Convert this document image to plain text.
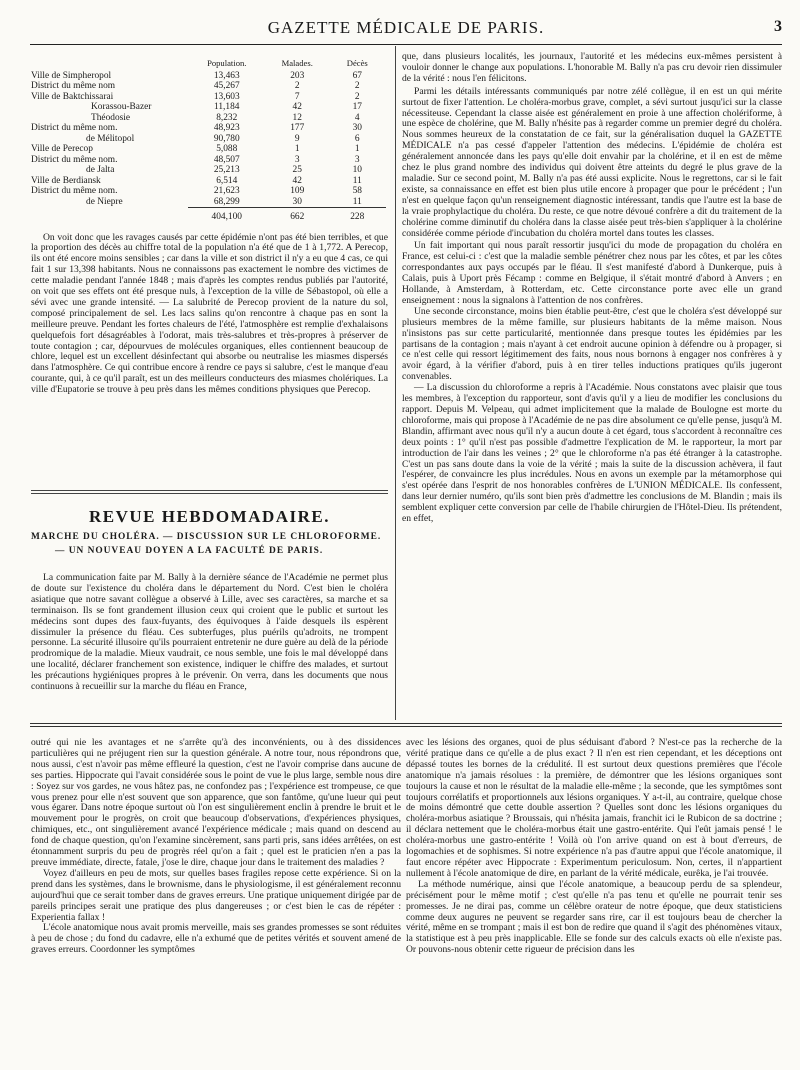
GAZETTE MÉDICALE DE PARIS.	3
	Population.	Malades.	Décès
Ville de Simpheropol	13,463	203	67
District du même nom	45,267	2	2
Ville de Baktchissarai	13,603	7	2
Korassou-Bazer	11,184	42	17
Théodosie	8,232	12	4
District du même nom.	48,923	177	30
de Mélitopol	90,780	9	6
Ville de Perecop	5,088	1	1
District du même nom.	48,507	3	3
de Jalta	25,213	25	10
Ville de Berdiansk	6,514	42	11
District du même nom.	21,623	109	58
de Niepre	68,299	30	11
	404,100	662	228

On voit donc que les ravages causés par cette épidémie n'ont pas été bien terribles, et que la proportion des décès au chiffre total de la population n'a été que de 1 à 1,772. A Perecop, ils ont été encore moins sensibles ; car dans la ville et son district il n'y a eu que 4 cas, ce qui fait 1 sur 13,398 habitants. Nous ne connaissons pas exactement le nombre des victimes de cette maladie pendant l'année 1848 ; mais d'après les comptes rendus publiés par l'autorité, on voit que ses effets ont été presque nuls, à l'exception de la ville de Sébastopol, où elle a sévi avec une grande intensité. — La salubrité de Perecop provient de la nature du sol, composé principalement de sel. Les lacs salins qu'on rencontre à chaque pas en sont la meilleure preuve. Pendant les fortes chaleurs de l'été, l'atmosphère est remplie d'exhalaisons quelquefois fort désagréables à l'odorat, mais très-salubres et très-propres à préserver de toute contagion ; car, dépourvues de molécules organiques, elles contiennent beaucoup de chlore, lequel est un excellent désinfectant qui absorbe ou neutralise les miasmes dispersés dans l'atmosphère. Ce qui contribue encore à rendre ce pays si salubre, c'est le manque d'eau courante, qui, à ce qu'il paraît, est un des meilleurs conducteurs des miasmes cholériques. La ville d'Eupatorie se trouve à peu près dans les mêmes conditions physiques que Perecop.

REVUE HEBDOMADAIRE.
MARCHE DU CHOLÉRA. — DISCUSSION SUR LE CHLOROFORME.
— UN NOUVEAU DOYEN A LA FACULTÉ DE PARIS.

La communication faite par M. Bally à la dernière séance de l'Académie ne permet plus de doute sur l'existence du choléra dans le département du Nord. C'est bien le choléra asiatique que notre savant collègue a observé à Lille, avec ses caractères, sa marche et sa terminaison. Ils se font grandement illusion ceux qui croient que le public et surtout les médecins sont dupes des faux-fuyants, des équivoques à l'aide desquels ils espèrent dissimuler la présence du fléau. Ces subterfuges, plus puérils qu'adroits, ne trompent personne. La sécurité illusoire qu'ils pourraient entretenir ne dure guère au delà de la période prodromique de la maladie. Mieux vaudrait, ce nous semble, une fois le mal développé dans une localité, déclarer franchement son existence, indiquer le chiffre des malades, et surtout les précautions hygiéniques propres à le prévenir. On verra, dans les documents que nous continuons à recueillir sur la marche du fléau en France,

que, dans plusieurs localités, les journaux, l'autorité et les médecins eux-mêmes persistent à vouloir donner le change aux populations. L'honorable M. Bally n'a pas cru devoir rien dissimuler de la vérité : nous l'en félicitons.

Parmi les détails intéressants communiqués par notre zélé collègue, il en est un qui mérite surtout de fixer l'attention. Le choléra-morbus grave, complet, a sévi surtout jusqu'ici sur la classe nécessiteuse. Cependant la classe aisée est généralement en proie à une affection cholériforme, à une espèce de cholérine, que M. Bally n'hésite pas à regarder comme un premier degré du choléra. Nous sommes heureux de la constatation de ce fait, sur la généralisation duquel la GAZETTE MÉDICALE n'a pas cessé d'appeler l'attention des médecins. L'épidémie de choléra est généralement annoncée dans les pays qu'elle doit envahir par la cholérine, et il en est de même chez le plus grand nombre des individus qui doivent être atteints du degré le plus grave de la maladie. Sur ce second point, M. Bally n'a pas été aussi explicite. Nous le regrettons, car si le fait existe, sa connaissance en effet est bien plus utile encore à propager que pour le précédent ; l'un n'est en quelque façon qu'un renseignement diagnostic intéressant, tandis que l'autre est la base de la vraie prophylactique du choléra. Du reste, ce que notre dévoué confrère a dit du traitement de la cholérine comme diminutif du choléra dans la classe aisée peut très-bien s'appliquer à la cholérine considérée comme période d'incubation du choléra mortel dans toutes les classes.

Un fait important qui nous paraît ressortir jusqu'ici du mode de propagation du choléra en France, est celui-ci : c'est que la maladie semble pénétrer chez nous par les côtes, et par les côtes correspondantes aux pays occupés par le fléau. Il s'est manifesté d'abord à Dunkerque, puis à Calais, puis à Uport près Fécamp : comme en Belgique, il s'était montré d'abord à Anvers ; en Hollande, à Amsterdam, à Rotterdam, etc. Cette circonstance porte avec elle un grand enseignement : nous la signalons à l'attention de nos confrères.

Une seconde circonstance, moins bien établie peut-être, c'est que le choléra s'est développé sur plusieurs membres de la même famille, sur plusieurs habitants de la même maison. Nous n'insistons pas sur cette particularité, mentionnée dans presque toutes les épidémies par les partisans de la contagion ; mais n'ayant à cet endroit aucune opinion à défendre ou à propager, si ce n'est celle qui ressort légitimement des faits, nous nous bornons à engager nos confrères à y avoir égard, à la vérifier d'abord, puis à en tirer telles inductions pratiques qu'ils jugeront convenables.

— La discussion du chloroforme a repris à l'Académie. Nous constatons avec plaisir que tous les membres, à l'exception du rapporteur, sont d'avis qu'il y a lieu de modifier les conclusions du rapport. Depuis M. Velpeau, qui admet implicitement que la malade de Boulogne est morte du chloroforme, mais qui propose à l'Académie de ne pas dire absolument ce qu'elle pense, jusqu'à M. Blandin, affirmant avec nous qu'il n'y a aucun doute à cet égard, tous s'accordent à reconnaître ces deux points : 1° qu'il n'est pas possible d'admettre l'explication de M. le rapporteur, la mort par introduction de l'air dans les veines ; 2° que le chloroforme n'a pas été étranger à la catastrophe. C'est un pas sans doute dans la voie de la vérité ; mais la suite de la discussion achèvera, il faut l'espérer, de convaincre les plus incrédules. Nous en avons un exemple par la métamorphose qui s'est opérée dans l'esprit de nos honorables confrères de L'UNION MÉDICALE. Ils confessent, dans leur dernier numéro, qu'ils sont bien près d'admettre les conclusions de M. Blandin ; mais ils semblent expliquer cette conversion par celle de l'habile chirurgien de l'Hôtel-Dieu. Ils prétendent, en effet,

outré qui nie les avantages et ne s'arrête qu'à des inconvénients, ou à des dissidences particulières qui ne préjugent rien sur la question générale. A notre tour, nous répondrons que, nous aussi, c'est n'avoir pas même effleuré la question, c'est ne l'avoir comprise dans aucune de ses parties. Hippocrate qui l'avait considérée sous le point de vue le plus large, semble nous dire : Soyez sur vos gardes, ne vous hâtez pas, ne confondez pas ; l'expérience est trompeuse, ce que vous prenez pour elle n'est souvent que son apparence, que son fantôme, qu'une lueur qui peut vous égarer. Dans notre époque surtout où l'on est singulièrement enclin à prendre le bruit et le mouvement pour le progrès, on croit que beaucoup d'observations, d'expériences physiques, chimiques, etc., ont singulièrement avancé l'expérience médicale ; mais quand on descend au fond de chaque question, qu'on l'examine sincèrement, sans parti pris, sans idées arrêtées, on est étonnamment surpris du peu de progrès réel qu'on a fait ; quel est le praticien n'en a pas la preuve immédiate, directe, fatale, j'ose le dire, chaque jour dans le traitement des maladies ?

Voyez d'ailleurs en peu de mots, sur quelles bases fragiles repose cette expérience. Si on la prend dans les systèmes, dans le brownisme, dans le physiologisme, il est généralement reconnu aujourd'hui que ce serait tomber dans de graves erreurs. Une pratique uniquement dirigée par de pareils principes serait une pratique des plus dangereuses ; or c'est bien le cas de répéter : Experientia fallax !

L'école anatomique nous avait promis merveille, mais ses grandes promesses se sont réduites à peu de chose ; du fond du cadavre, elle n'a exhumé que de petites vérités et souvent amené de graves erreurs. Coordonner les symptômes

avec les lésions des organes, quoi de plus séduisant d'abord ? N'est-ce pas la recherche de la vérité pratique dans ce qu'elle a de plus exact ? Il n'en est rien cependant, et les déceptions ont dépassé toutes les bornes de la crédulité. Il est surtout deux questions premières que l'école anatomique n'a jamais résolues : la première, de démontrer que les lésions organiques sont toujours la cause et non le résultat de la maladie elle-même ; la seconde, que les symptômes sont toujours corrélatifs et proportionnels aux lésions organiques. Y a-t-il, au contraire, quelque chose de moins démontré que cette double assertion ? Quelles sont donc les lésions organiques du choléra-morbus asiatique ? Broussais, qui n'hésita jamais, franchit ici le Rubicon de sa doctrine ; il déclara nettement que le choléra-morbus était une gastro-entérite. Qui l'eût jamais pensé ! le choléra-morbus une gastro-entérite ! Voilà où l'on arrive quand on est à bout d'erreurs, de logomachies et de sophismes. Si notre expérience n'a pas d'autre appui que l'école anatomique, il faut encore répéter avec Hippocrate : Experimentum periculosum. Non, certes, il n'appartient nullement à l'école anatomique de dire, en parlant de la vérité médicale, eurêka, je l'ai trouvée.

La méthode numérique, ainsi que l'école anatomique, a beaucoup perdu de sa splendeur, précisément pour le même motif ; c'est qu'elle n'a pas tenu et qu'elle ne pourrait tenir ses promesses. Je ne dirai pas, comme un célèbre orateur de notre époque, que deux statisticiens comme deux augures ne peuvent se regarder sans rire, car il est toujours beau de chercher la vérité, même en se trompant ; mais il est bon de redire que quand il s'agit des phénomènes vitaux, la statistique est à peu près inapplicable. Elle se fonde sur des calculs exacts où elle n'existe pas. Or pouvons-nous obtenir cette rigueur de précision dans les
